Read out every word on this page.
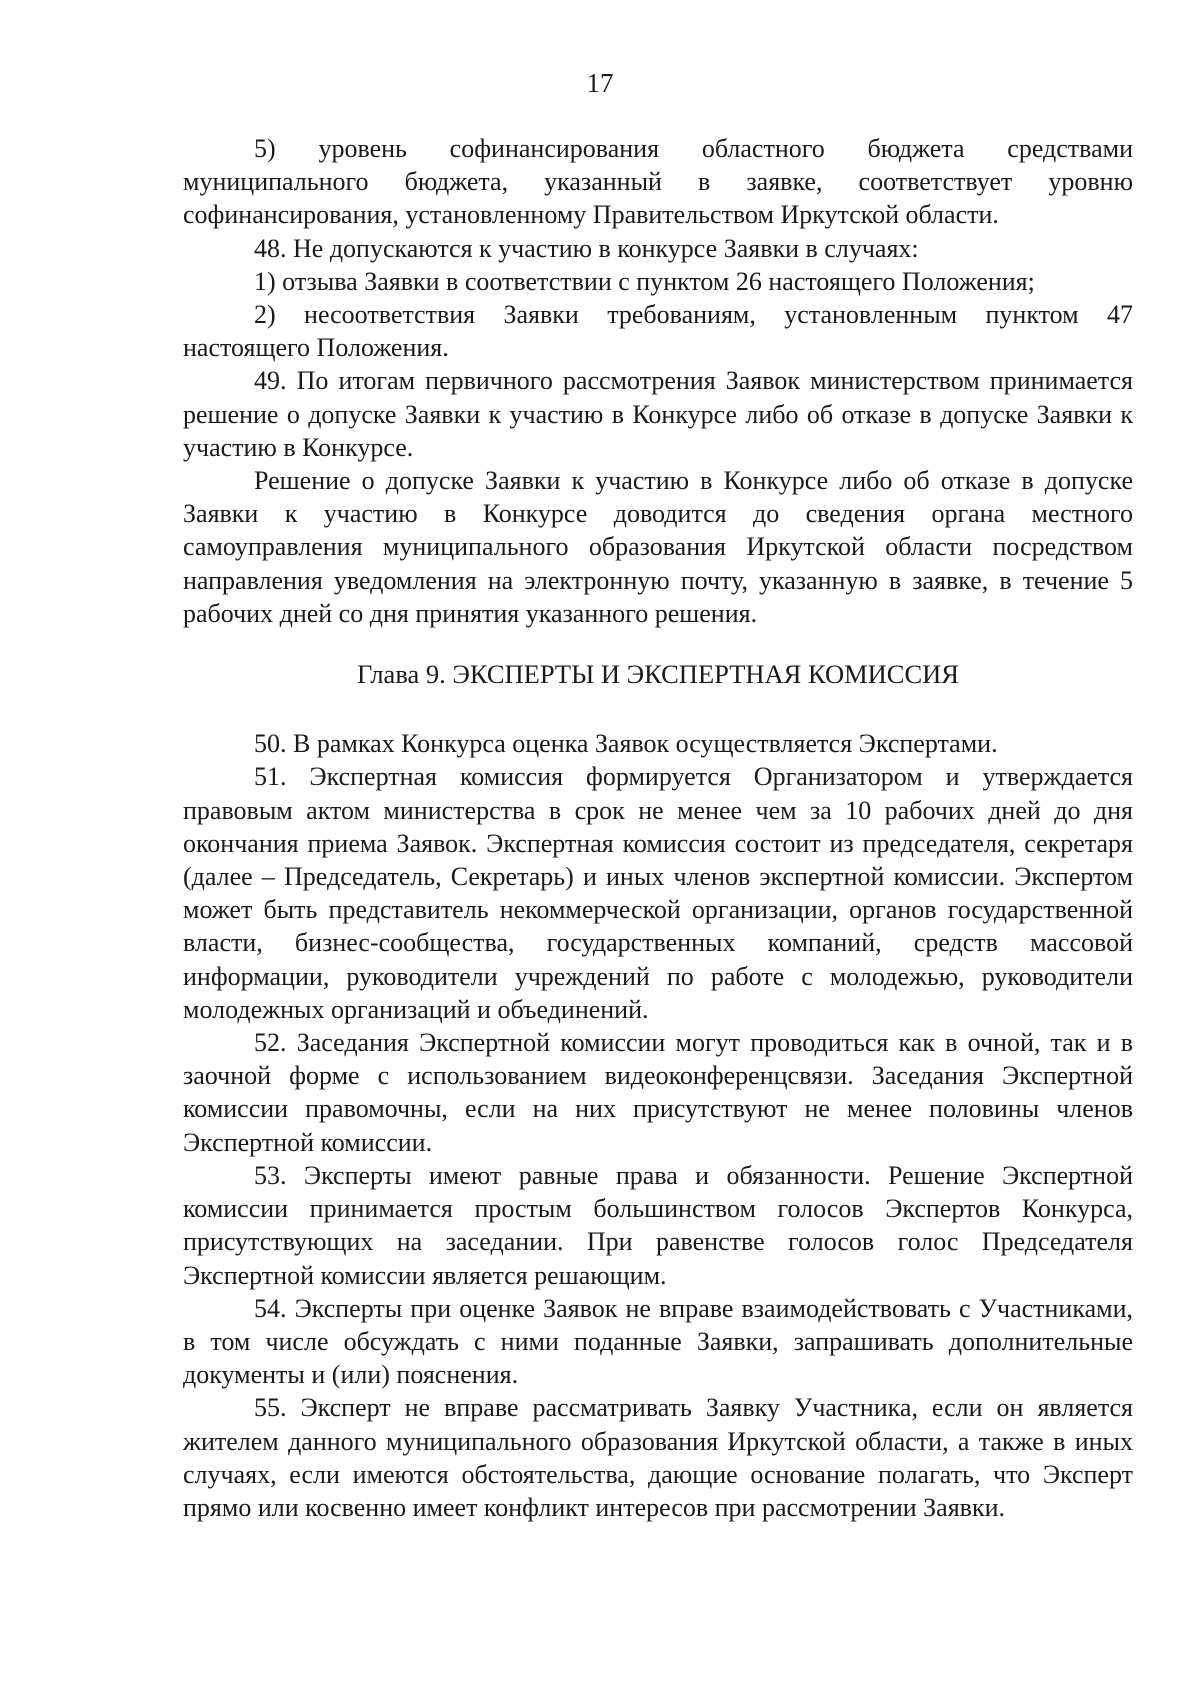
17

5) уровень софинансирования областного бюджета средствами муниципального бюджета, указанный в заявке, соответствует уровню софинансирования, установленному Правительством Иркутской области.

48. Не допускаются к участию в конкурсе Заявки в случаях:

1) отзыва Заявки в соответствии с пунктом 26 настоящего Положения;

2) несоответствия Заявки требованиям, установленным пунктом 47 настоящего Положения.

49. По итогам первичного рассмотрения Заявок министерством принимается решение о допуске Заявки к участию в Конкурсе либо об отказе в допуске Заявки к участию в Конкурсе.

Решение о допуске Заявки к участию в Конкурсе либо об отказе в допуске Заявки к участию в Конкурсе доводится до сведения органа местного самоуправления муниципального образования Иркутской области посредством направления уведомления на электронную почту, указанную в заявке, в течение 5 рабочих дней со дня принятия указанного решения.

Глава 9. ЭКСПЕРТЫ И ЭКСПЕРТНАЯ КОМИССИЯ

50. В рамках Конкурса оценка Заявок осуществляется Экспертами.

51. Экспертная комиссия формируется Организатором и утверждается правовым актом министерства в срок не менее чем за 10 рабочих дней до дня окончания приема Заявок. Экспертная комиссия состоит из председателя, секретаря (далее – Председатель, Секретарь) и иных членов экспертной комиссии. Экспертом может быть представитель некоммерческой организации, органов государственной власти, бизнес-сообщества, государственных компаний, средств массовой информации, руководители учреждений по работе с молодежью, руководители молодежных организаций и объединений.

52. Заседания Экспертной комиссии могут проводиться как в очной, так и в заочной форме с использованием видеоконференцсвязи. Заседания Экспертной комиссии правомочны, если на них присутствуют не менее половины членов Экспертной комиссии.

53. Эксперты имеют равные права и обязанности. Решение Экспертной комиссии принимается простым большинством голосов Экспертов Конкурса, присутствующих на заседании. При равенстве голосов голос Председателя Экспертной комиссии является решающим.

54. Эксперты при оценке Заявок не вправе взаимодействовать с Участниками, в том числе обсуждать с ними поданные Заявки, запрашивать дополнительные документы и (или) пояснения.

55. Эксперт не вправе рассматривать Заявку Участника, если он является жителем данного муниципального образования Иркутской области, а также в иных случаях, если имеются обстоятельства, дающие основание полагать, что Эксперт прямо или косвенно имеет конфликт интересов при рассмотрении Заявки.
